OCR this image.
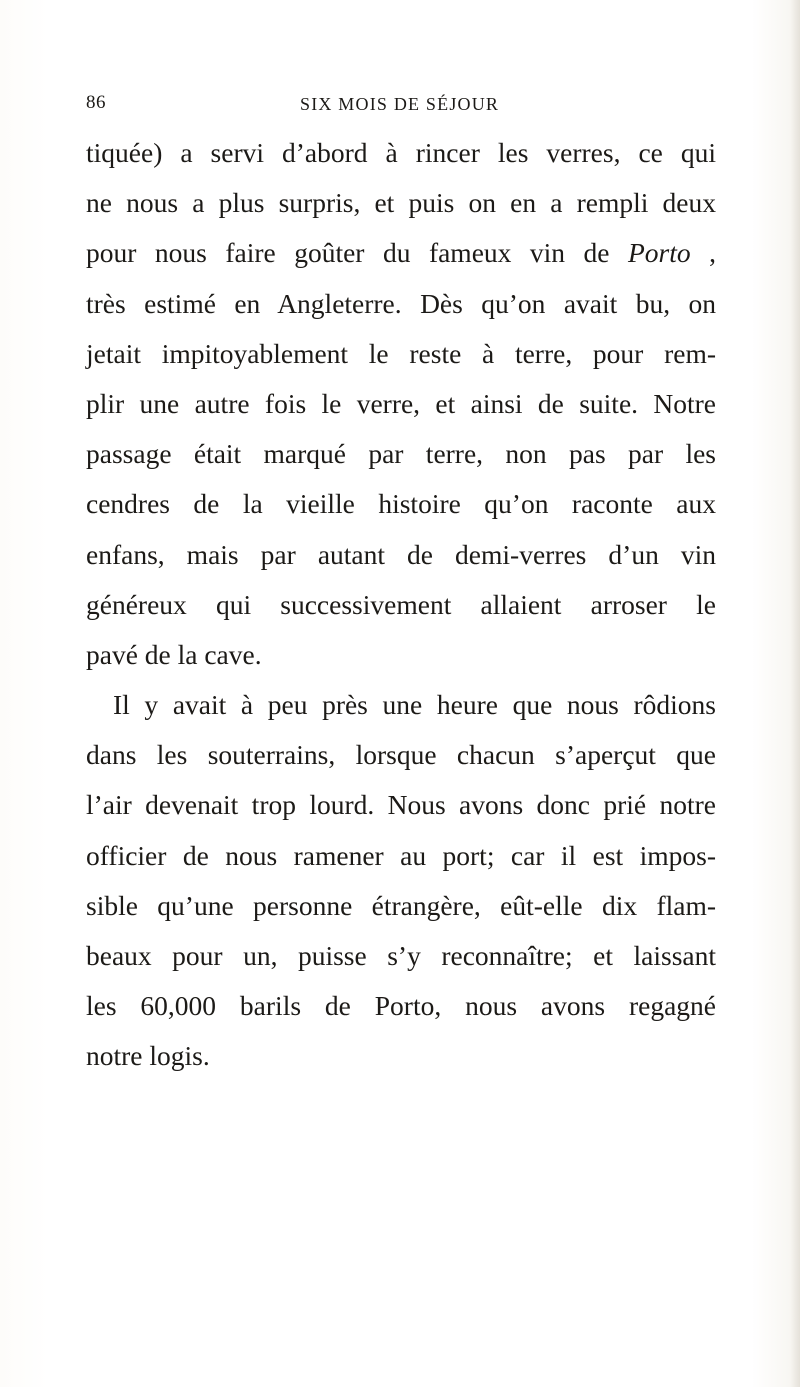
86	SIX MOIS DE SÉJOUR
tiquée) a servi d’abord à rincer les verres, ce qui
ne nous a plus surpris, et puis on en a rempli deux
pour nous faire goûter du fameux vin de Porto ,
très estimé en Angleterre. Dès qu’on avait bu, on
jetait impitoyablement le reste à terre, pour rem-
plir une autre fois le verre, et ainsi de suite. Notre
passage était marqué par terre, non pas par les
cendres de la vieille histoire qu’on raconte aux
enfans, mais par autant de demi-verres d’un vin
généreux qui successivement allaient arroser le
pavé de la cave.
Il y avait à peu près une heure que nous rôdions
dans les souterrains, lorsque chacun s’aperçut que
l’air devenait trop lourd. Nous avons donc prié notre
officier de nous ramener au port; car il est impos-
sible qu’une personne étrangère, eût-elle dix flam-
beaux pour un, puisse s’y reconnaître; et laissant
les 60,000 barils de Porto, nous avons regagné
notre logis.
